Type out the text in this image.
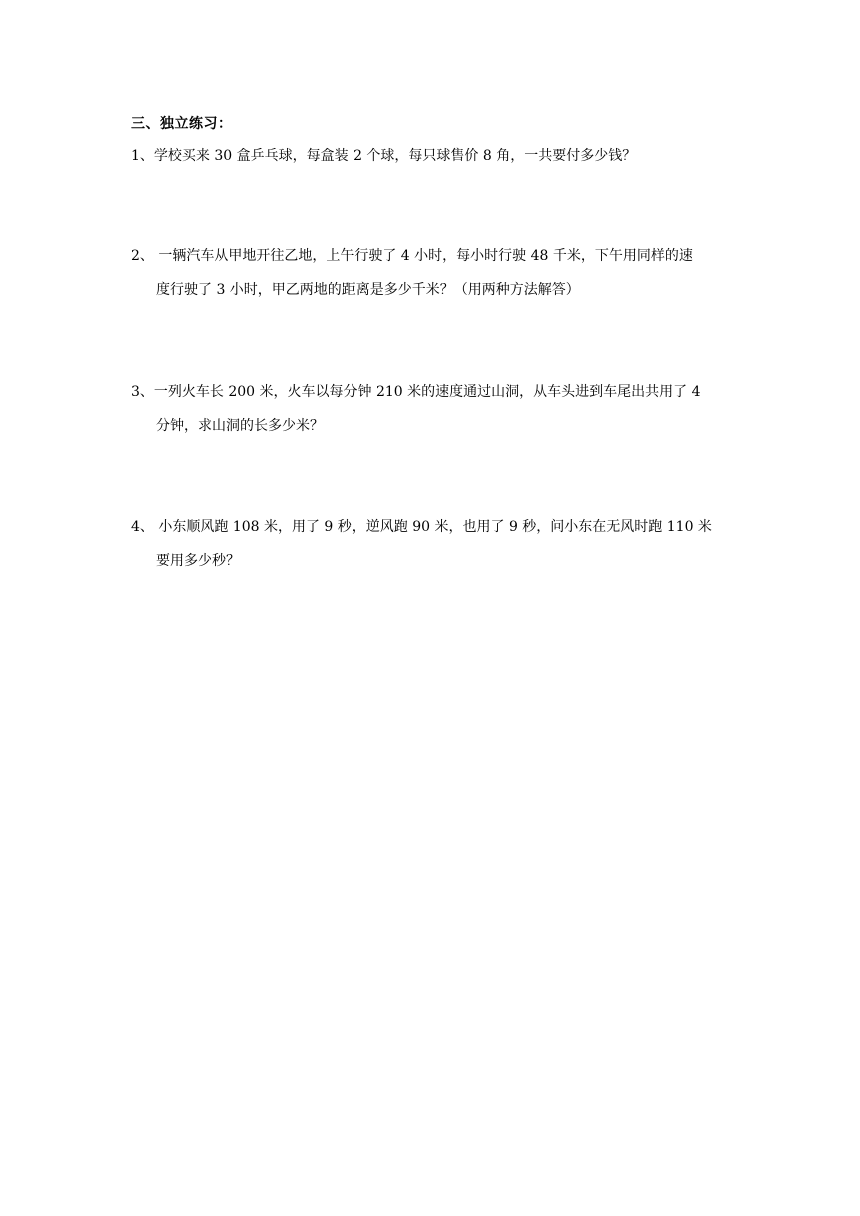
三、独立练习：
1、学校买来 30 盒乒乓球，每盒装 2 个球，每只球售价 8 角，一共要付多少钱？
2、 一辆汽车从甲地开往乙地，上午行驶了 4 小时，每小时行驶 48 千米，下午用同样的速
度行驶了 3 小时，甲乙两地的距离是多少千米？（用两种方法解答）
3、一列火车长 200 米，火车以每分钟 210 米的速度通过山洞，从车头进到车尾出共用了 4
分钟，求山洞的长多少米？
4、 小东顺风跑 108 米，用了 9 秒，逆风跑 90 米，也用了 9 秒，问小东在无风时跑 110 米
要用多少秒？
